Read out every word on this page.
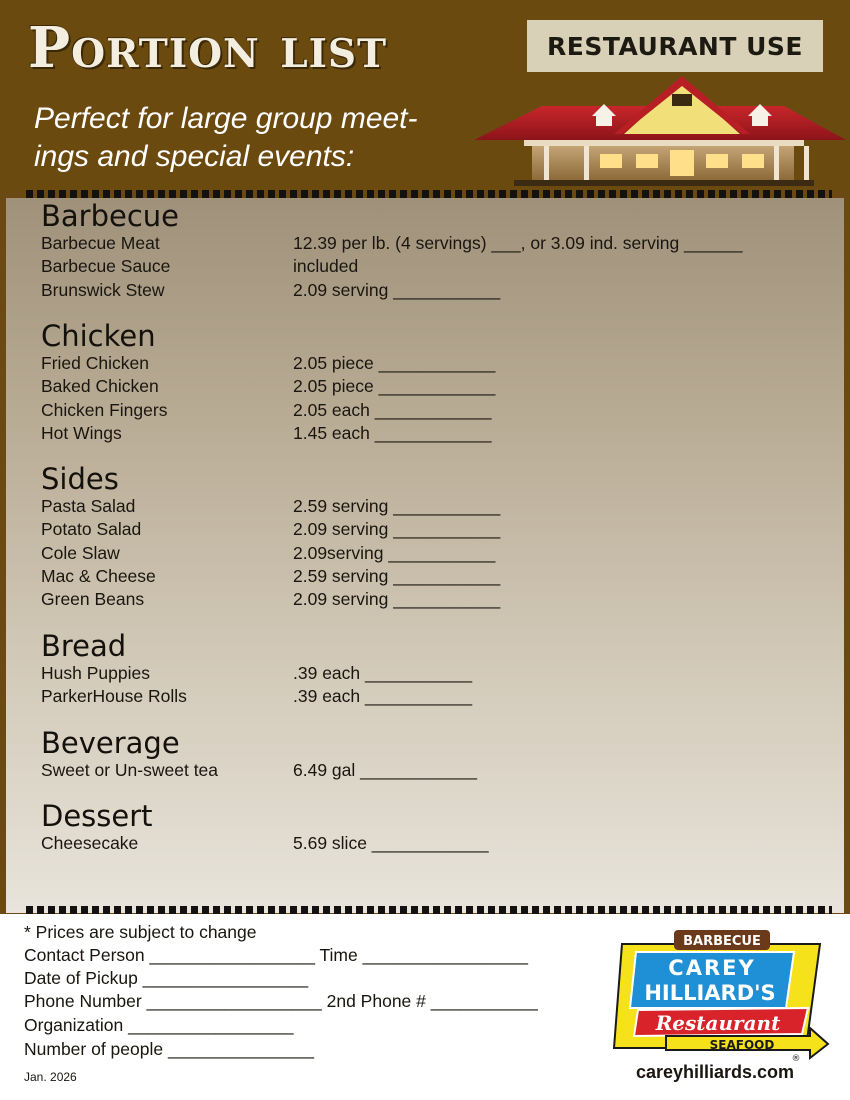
Portion list	RESTAURANT USE
Perfect for large group meet-
ings and special events:
Barbecue
Barbecue Meat	12.39 per lb. (4 servings) ___, or 3.09 ind. serving ______
Barbecue Sauce	included
Brunswick Stew	2.09 serving ___________
Chicken
Fried Chicken	2.05 piece ____________
Baked Chicken	2.05 piece ____________
Chicken Fingers	2.05 each ____________
Hot Wings	1.45 each ____________
Sides
Pasta Salad	2.59 serving ___________
Potato Salad	2.09 serving ___________
Cole Slaw	2.09serving ___________
Mac & Cheese	2.59 serving ___________
Green Beans	2.09 serving ___________
Bread
Hush Puppies	.39 each ___________
ParkerHouse Rolls	.39 each ___________
Beverage
Sweet or Un-sweet tea	6.49 gal ____________
Dessert
Cheesecake	5.69 slice ____________
* Prices are subject to change
Contact Person _________________ Time _________________
Date of Pickup _________________
Phone Number __________________ 2nd Phone # ___________
Organization _________________
Number of people _______________
Jan. 2026
BARBECUE
CAREY
HILLIARD'S
Restaurant
SEAFOOD
®
careyhilliards.com
